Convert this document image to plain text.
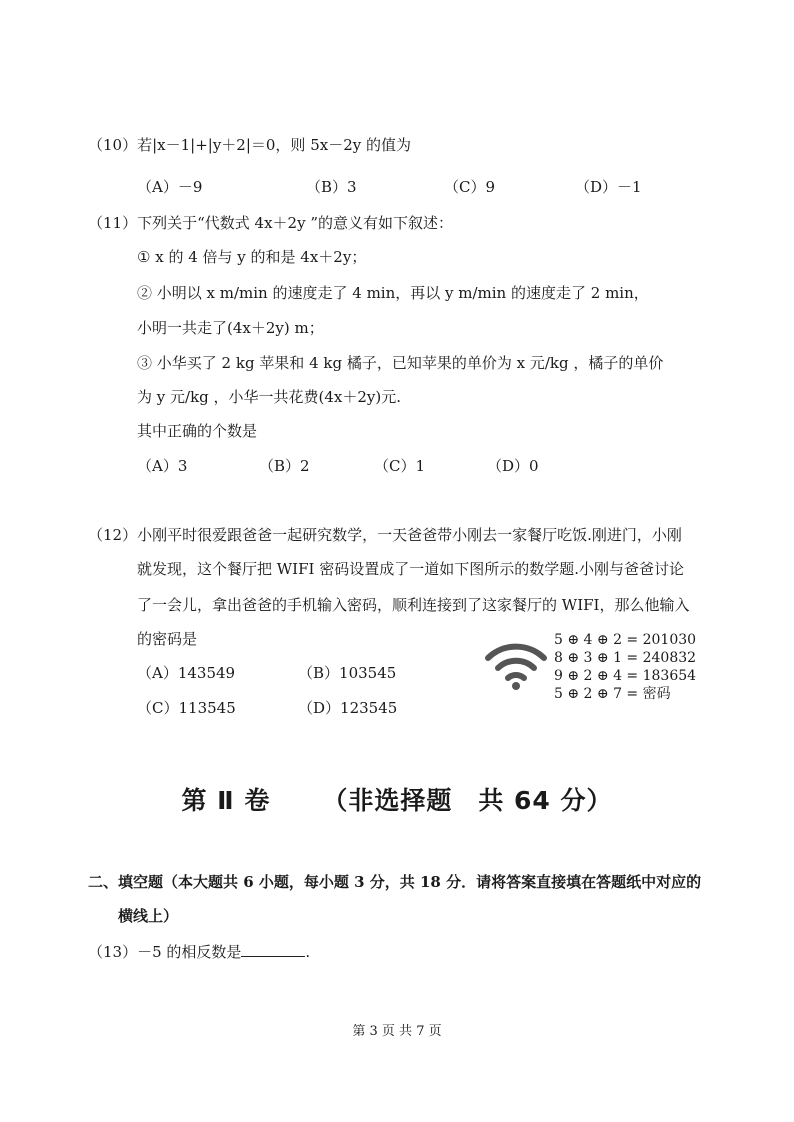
（10）若|x－1|+|y＋2|＝0，则 5x－2y 的值为
（A）－9	（B）3	（C）9	（D）－1
（11）下列关于“代数式 4x＋2y ”的意义有如下叙述：
① x 的 4 倍与 y 的和是 4x＋2y；
② 小明以 x m/min 的速度走了 4 min，再以 y m/min 的速度走了 2 min，
小明一共走了(4x＋2y) m；
③ 小华买了 2 kg 苹果和 4 kg 橘子，已知苹果的单价为 x 元/kg ，橘子的单价
为 y 元/kg ，小华一共花费(4x＋2y)元.
其中正确的个数是
（A）3	（B）2	（C）1	（D）0
（12）小刚平时很爱跟爸爸一起研究数学，一天爸爸带小刚去一家餐厅吃饭.刚进门，小刚
就发现，这个餐厅把 WIFI 密码设置成了一道如下图所示的数学题.小刚与爸爸讨论
了一会儿，拿出爸爸的手机输入密码，顺利连接到了这家餐厅的 WIFI，那么他输入
的密码是
（A）143549	（B）103545
（C）113545	（D）123545
5 ⊕ 4 ⊕ 2 = 201030
8 ⊕ 3 ⊕ 1 = 240832
9 ⊕ 2 ⊕ 4 = 183654
5 ⊕ 2 ⊕ 7 = 密码
第 Ⅱ 卷 （非选择题　共 64 分）
二、填空题（本大题共 6 小题，每小题 3 分，共 18 分．请将答案直接填在答题纸中对应的
横线上）
（13）－5 的相反数是	.
第 3 页 共 7 页
